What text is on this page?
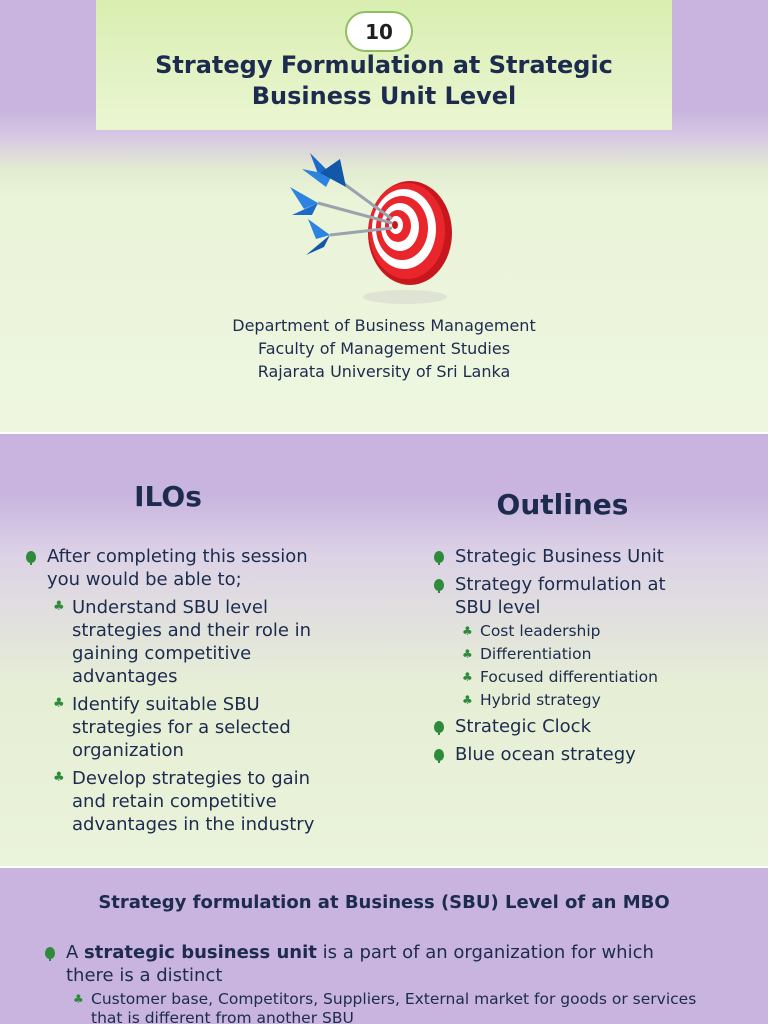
10
Strategy Formulation at Strategic
Business Unit Level
Department of Business Management
Faculty of Management Studies
Rajarata University of Sri Lanka
ILOs	Outlines
After completing this session
you would be able to;
♣ Understand SBU level
strategies and their role in
gaining competitive
advantages
♣ Identify suitable SBU
strategies for a selected
organization
♣ Develop strategies to gain
and retain competitive
advantages in the industry
Strategic Business Unit
Strategy formulation at
SBU level
♣ Cost leadership
♣ Differentiation
♣ Focused differentiation
♣ Hybrid strategy
Strategic Clock
Blue ocean strategy
Strategy formulation at Business (SBU) Level of an MBO
A strategic business unit is a part of an organization for which
there is a distinct
♣ Customer base, Competitors, Suppliers, External market for goods or services
that is different from another SBU
